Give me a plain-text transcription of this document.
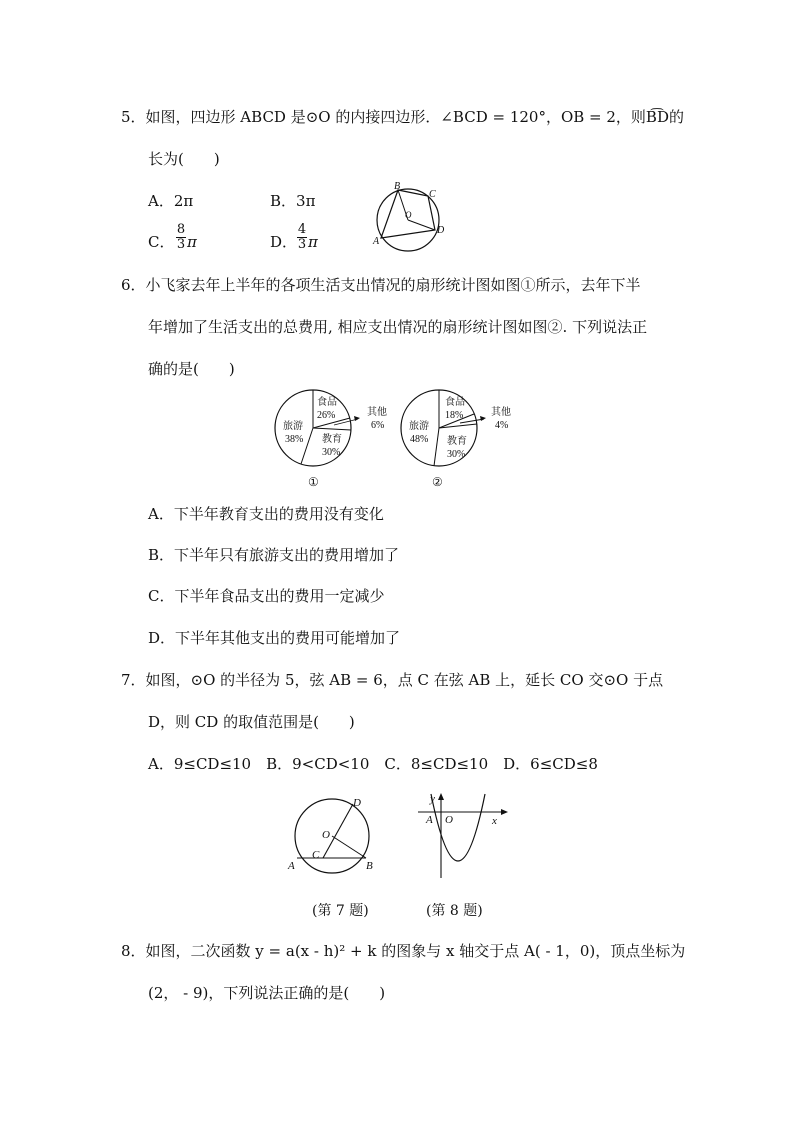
5．如图，四边形 ABCD 是⊙O 的内接四边形．∠BCD = 120°，OB = 2，则B͡D的
长为(　　)
A．2π	B．3π
C．
8
3 π	D．
4
3 π	A
B
C
D
O
6．小飞家去年上半年的各项生活支出情况的扇形统计图如图①所示，去年下半
年增加了生活支出的总费用, 相应支出情况的扇形统计图如图②. 下列说法正
确的是(　　)
食品
26%
旅游
38% 教育
30%
其他
6%
①
食品
18%
旅游
48% 教育
30%
其他
4%
②
A．下半年教育支出的费用没有变化
B．下半年只有旅游支出的费用增加了
C．下半年食品支出的费用一定减少
D．下半年其他支出的费用可能增加了
7．如图，⊙O 的半径为 5，弦 AB = 6，点 C 在弦 AB 上，延长 CO 交⊙O 于点
D，则 CD 的取值范围是(　　)
A．9≤CD≤10　B．9<CD<10　C．8≤CD≤10　D．6≤CD≤8
A	B
C
D
O
y
x
A O
(第 7 题)	(第 8 题)
8．如图，二次函数 y = a(x - h)² + k 的图象与 x 轴交于点 A( - 1，0)，顶点坐标为
(2， - 9)，下列说法正确的是(　　)
